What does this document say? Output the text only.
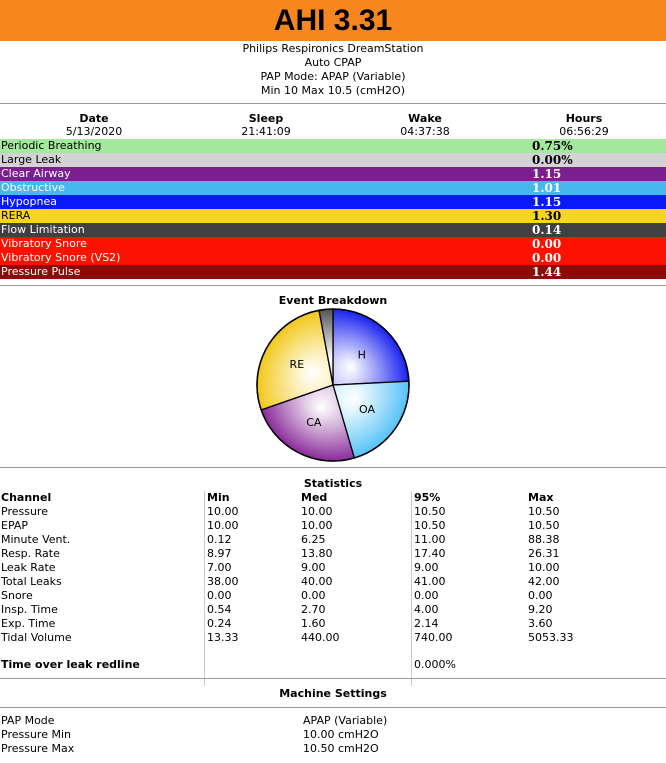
AHI 3.31
Philips Respironics DreamStation
Auto CPAP
PAP Mode: APAP (Variable)
Min 10 Max 10.5 (cmH2O)
Date
5/13/2020
Sleep
21:41:09
Wake
04:37:38
Hours
06:56:29
Periodic Breathing	0.75%
Large Leak	0.00%
Clear Airway	1.15
Obstructive	1.01
Hypopnea	1.15
RERA	1.30
Flow Limitation	0.14
Vibratory Snore	0.00
Vibratory Snore (VS2)	0.00
Pressure Pulse	1.44
Event Breakdown
H
OA
CA
RE
Statistics
Channel	Min	Med	95%	Max
Pressure	10.00	10.00	10.50	10.50
EPAP	10.00	10.00	10.50	10.50
Minute Vent.	0.12	6.25	11.00	88.38
Resp. Rate	8.97	13.80	17.40	26.31
Leak Rate	7.00	9.00	9.00	10.00
Total Leaks	38.00	40.00	41.00	42.00
Snore	0.00	0.00	0.00	0.00
Insp. Time	0.54	2.70	4.00	9.20
Exp. Time	0.24	1.60	2.14	3.60
Tidal Volume	13.33	440.00	740.00	5053.33
Time over leak redline	0.000%
Machine Settings
PAP Mode	APAP (Variable)
Pressure Min	10.00 cmH2O
Pressure Max	10.50 cmH2O
